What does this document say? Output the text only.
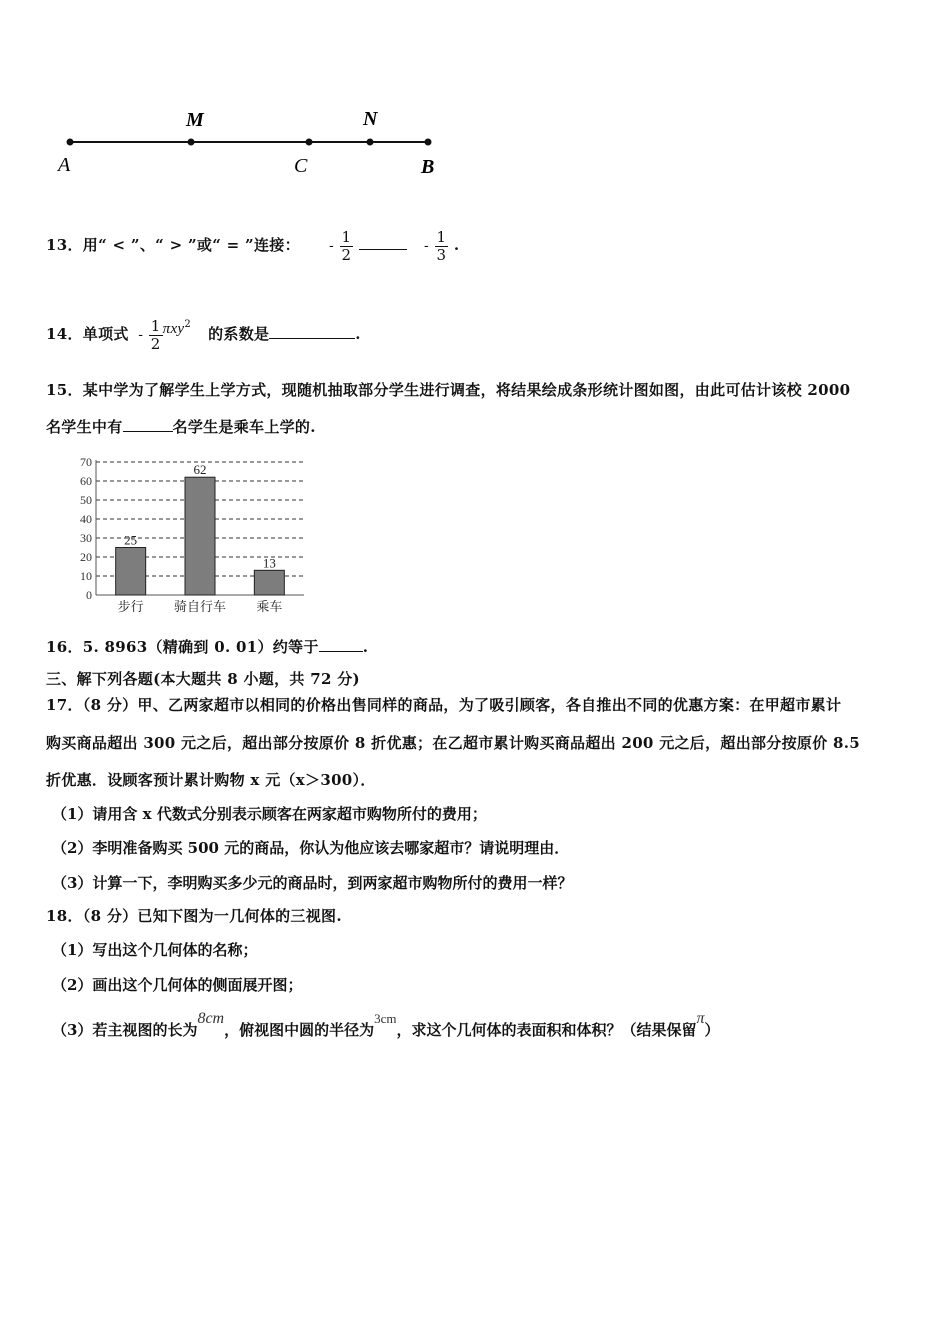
A
M
C
N
B
13．用“ < ”、“ > ”或“ = ”连接： - $\frac{1}{2}$	- $\frac{1}{3}$ .
14．单项式 - $\frac{1}{2} \pi xy^2$  的系数是	.
15．某中学为了解学生上学方式，现随机抽取部分学生进行调查，将结果绘成条形统计图如图，由此可估计该校 2000
名学生中有	名学生是乘车上学的.
0
10
20
30
40
50
60
70
25
步行
62
骑自行车
13
乘车
16．5. 8963（精确到 0. 01）约等于	.
三、解下列各题(本大题共 8 小题，共 72 分)
17．（8 分）甲、乙两家超市以相同的价格出售同样的商品，为了吸引顾客，各自推出不同的优惠方案：在甲超市累计
购买商品超出 300 元之后，超出部分按原价 8 折优惠；在乙超市累计购买商品超出 200 元之后，超出部分按原价 8.5
折优惠．设顾客预计累计购物 x 元（x＞300）．
（1）请用含 x 代数式分别表示顾客在两家超市购物所付的费用；
（2）李明准备购买 500 元的商品，你认为他应该去哪家超市？请说明理由．
（3）计算一下，李明购买多少元的商品时，到两家超市购物所付的费用一样？
18．（8 分）已知下图为一几何体的三视图.
（1）写出这个几何体的名称；
（2）画出这个几何体的侧面展开图；
（3）若主视图的长为8cm，俯视图中圆的半径为3cm，求这个几何体的表面积和体积？（结果保留π）
